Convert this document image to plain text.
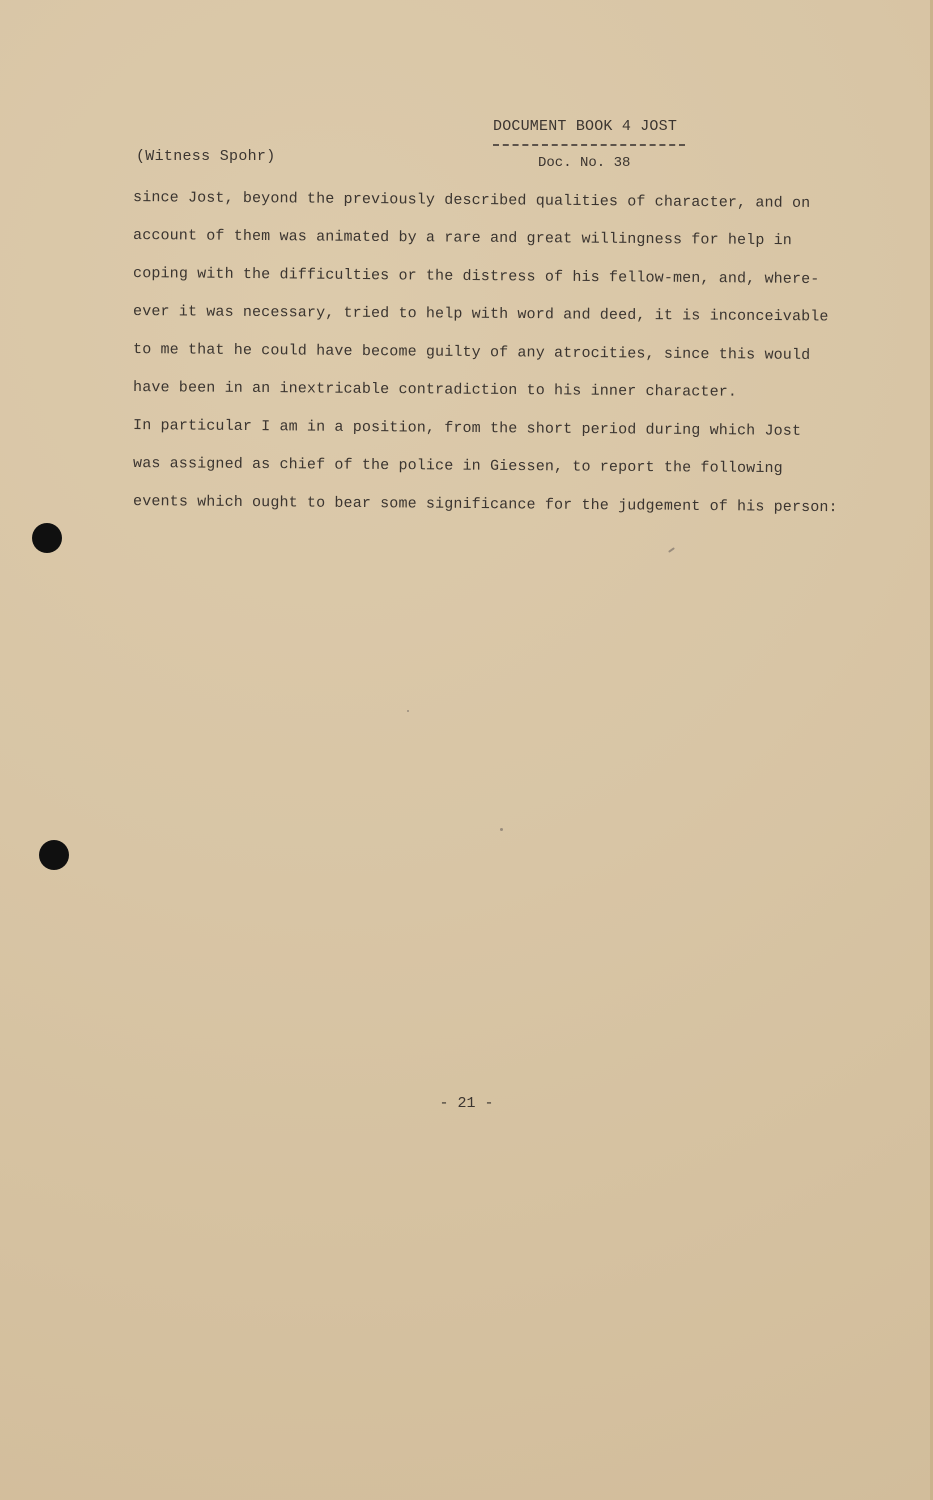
DOCUMENT BOOK 4 JOST
Doc. No. 38
(Witness Spohr)
since Jost, beyond the previously described qualities of character, and on
account of them was animated by a rare and great willingness for help in
coping with the difficulties or the distress of his fellow-men, and, where-
ever it was necessary, tried to help with word and deed, it is inconceivable
to me that he could have become guilty of any atrocities, since this would
have been in an inextricable contradiction to his inner character.
In particular I am in a position, from the short period during which Jost
was assigned as chief of the police in Giessen, to report the following
events which ought to bear some significance for the judgement of his person:
- 21 -
